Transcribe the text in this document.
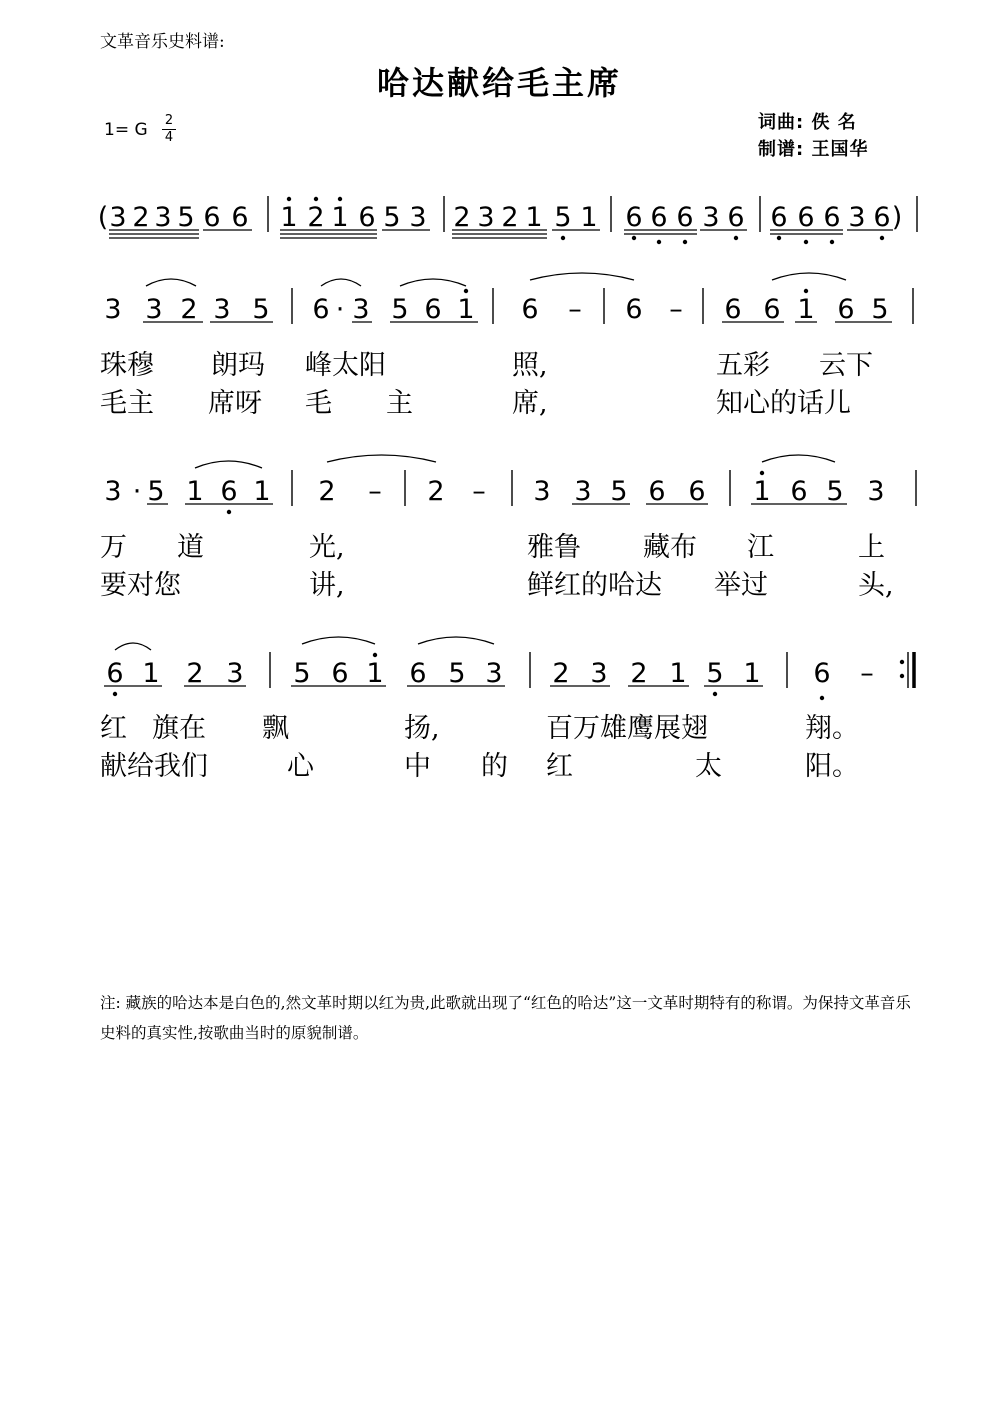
文革音乐史料谱:
哈达献给毛主席
1= G 2
4
词曲: 佚 名
制谱: 王国华
( 3 2 3 5 6 6 1 2 1 6 5 3 2 3 2 1 5 1 6 6 6 3 6 6 6 6 3 6 )
3 3 2 3 5 6 · 3 5 6 1 6 – 6 – 6 6 1 6 5
3 · 5 1 6 1 2 – 2 – 3 3 5 6 6 1 6 5 3
6 1 2 3 5 6 1 6 5 3 2 3 2 1 5 1 6 –
珠穆 朗玛 峰太阳	照,	五彩 云下
毛主 席呀 毛 主	席,	知心的话儿
万 道	光,	雅鲁 藏布 江	上
要对您	讲,	鲜红的哈达 举过	头,
红 旗在 飘	扬,	百万雄鹰展翅	翔。
献给我们	心	中 的 红	太	阳。
注: 藏族的哈达本是白色的,然文革时期以红为贵,此歌就出现了“红色的哈达”这一文革时期特有的称谓。为保持文革音乐史料的真实性,按歌曲当时的原貌制谱。
